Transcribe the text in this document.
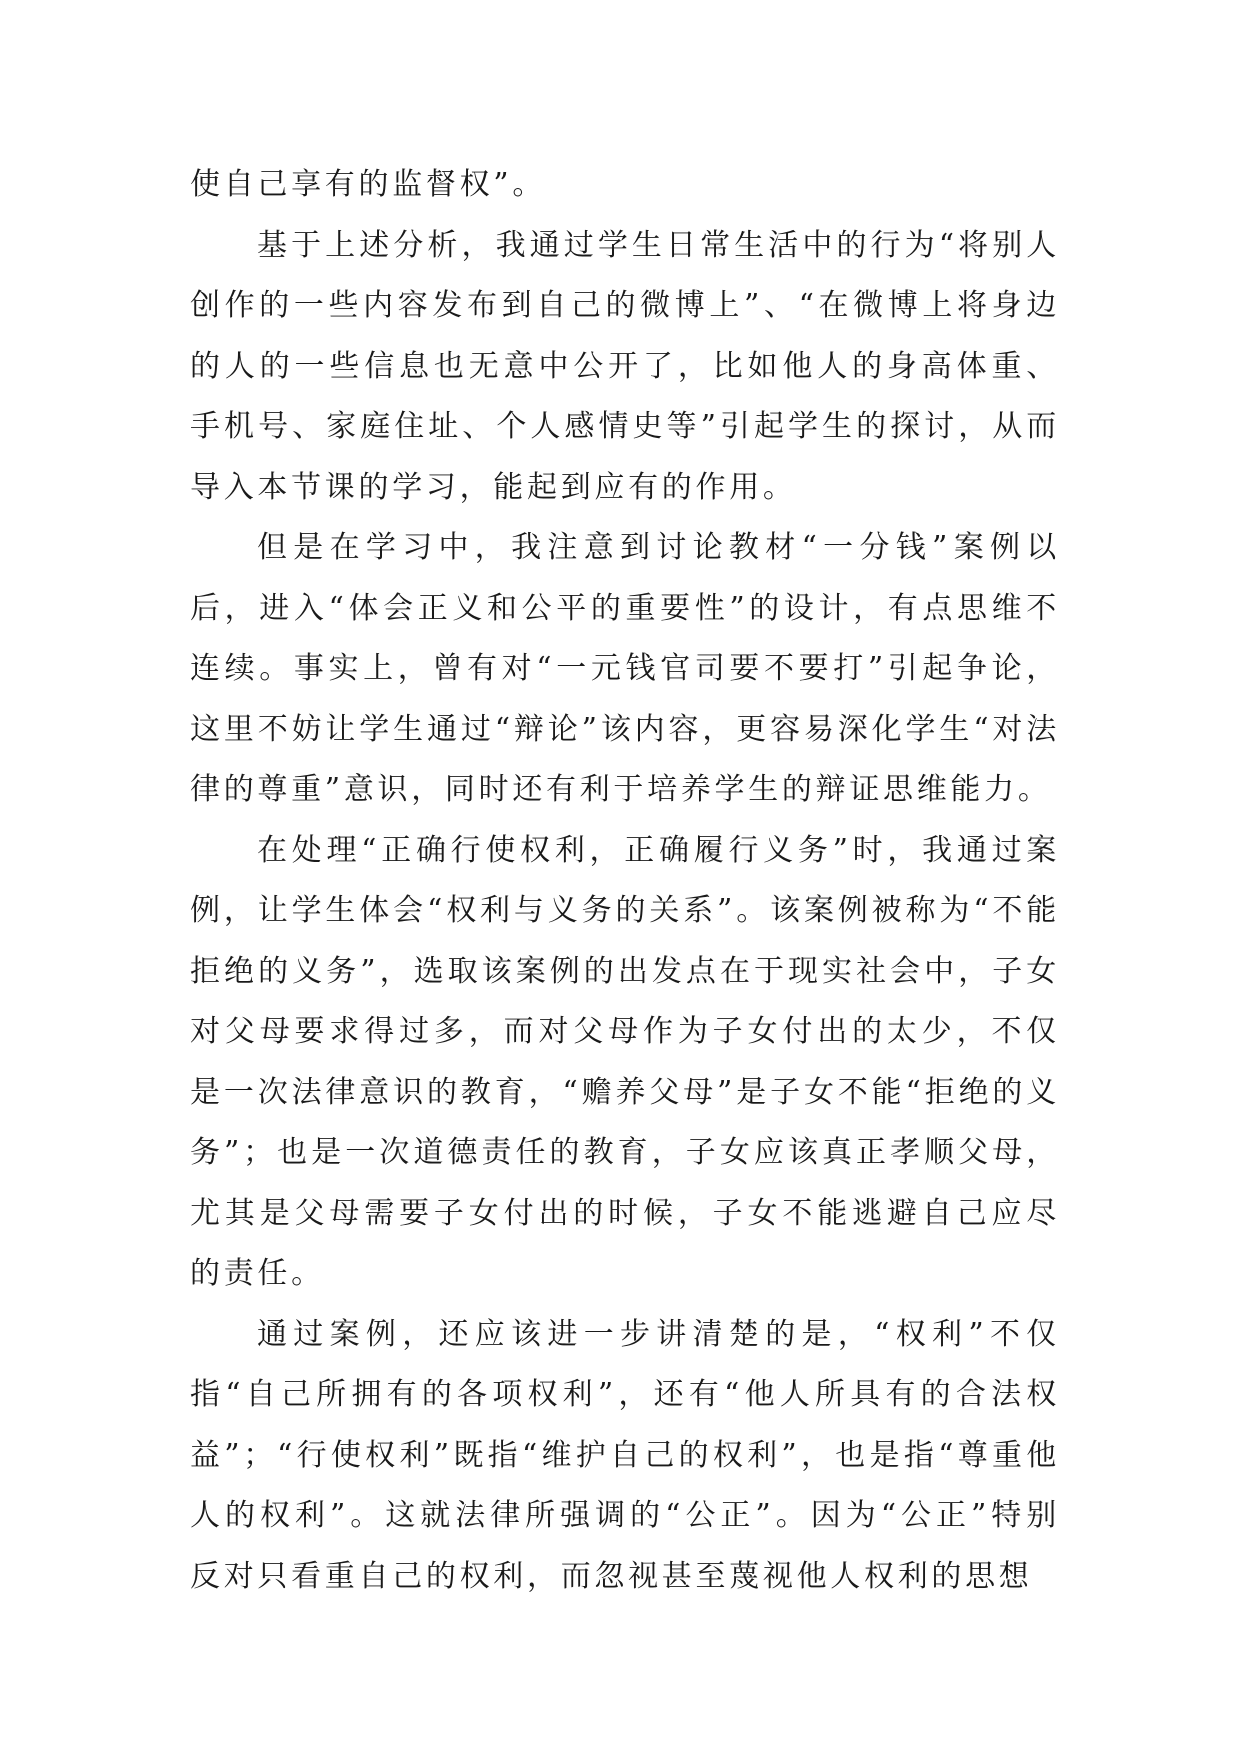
使自己享有的监督权”。

基于上述分析，我通过学生日常生活中的行为“将别人创作的一些内容发布到自己的微博上”、“在微博上将身边的人的一些信息也无意中公开了，比如他人的身高体重、手机号、家庭住址、个人感情史等”引起学生的探讨，从而导入本节课的学习，能起到应有的作用。

但是在学习中，我注意到讨论教材“一分钱”案例以后，进入“体会正义和公平的重要性”的设计，有点思维不连续。事实上，曾有对“一元钱官司要不要打”引起争论，这里不妨让学生通过“辩论”该内容，更容易深化学生“对法律的尊重”意识，同时还有利于培养学生的辩证思维能力。

在处理“正确行使权利，正确履行义务”时，我通过案例，让学生体会“权利与义务的关系”。该案例被称为“不能拒绝的义务”，选取该案例的出发点在于现实社会中，子女对父母要求得过多，而对父母作为子女付出的太少，不仅是一次法律意识的教育，“赡养父母”是子女不能“拒绝的义务”；也是一次道德责任的教育，子女应该真正孝顺父母，尤其是父母需要子女付出的时候，子女不能逃避自己应尽的责任。

通过案例，还应该进一步讲清楚的是，“权利”不仅指“自己所拥有的各项权利”，还有“他人所具有的合法权益”；“行使权利”既指“维护自己的权利”，也是指“尊重他人的权利”。这就法律所强调的“公正”。因为“公正”特别反对只看重自己的权利，而忽视甚至蔑视他人权利的思想
